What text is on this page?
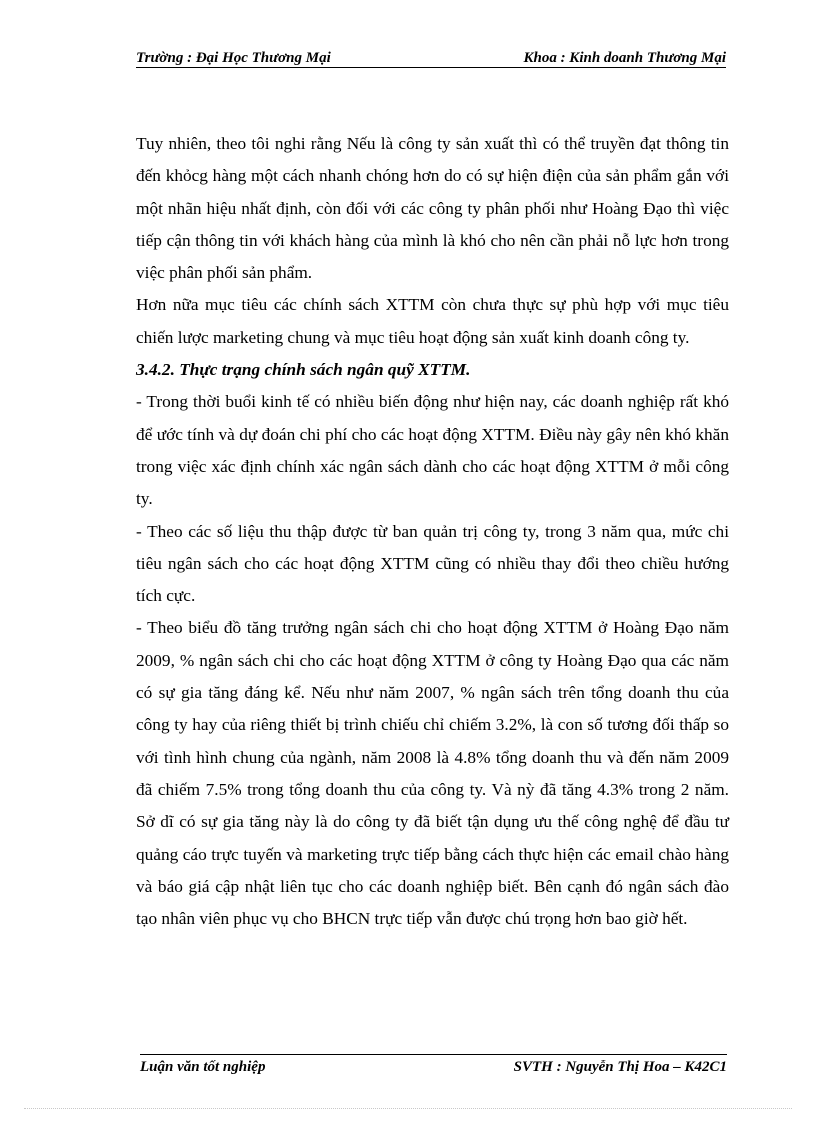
Trường : Đại Học Thương Mại	Khoa : Kinh doanh Thương Mại

Tuy nhiên, theo tôi nghi rằng Nếu là công ty sản xuất thì có thể truyền đạt thông tin đến khỏcg hàng một cách nhanh chóng hơn do có sự hiện điện của sản phẩm gắn với một nhãn hiệu nhất định, còn đối với các công ty phân phối như Hoàng Đạo thì việc tiếp cận thông tin với khách hàng của mình là khó cho nên cần phải nỗ lực hơn trong việc phân phối sản phẩm.

Hơn nữa mục tiêu các chính sách XTTM còn chưa thực sự phù hợp với mục tiêu chiến lược marketing chung và mục tiêu hoạt động sản xuất kinh doanh công ty.

3.4.2. Thực trạng chính sách ngân quỹ XTTM.

- Trong thời buổi kinh tế có nhiều biến động như hiện nay, các doanh nghiệp rất khó để ước tính và dự đoán chi phí cho các hoạt động XTTM. Điều này gây nên khó khăn trong việc xác định chính xác ngân sách dành cho các hoạt động XTTM ở mỗi công ty.

- Theo các số liệu thu thập được từ ban quản trị công ty, trong 3 năm qua, mức chi tiêu ngân sách cho các hoạt động XTTM cũng có nhiều thay đổi theo chiều hướng tích cực.

- Theo biểu đồ tăng trưởng ngân sách chi cho hoạt động XTTM ở Hoàng Đạo năm 2009, % ngân sách chi cho các hoạt động XTTM ở công ty Hoàng Đạo qua các năm có sự gia tăng đáng kể. Nếu như năm 2007, % ngân sách trên tổng doanh thu của công ty hay của riêng thiết bị trình chiếu chỉ chiếm 3.2%, là con số tương đối thấp so với tình hình chung của ngành, năm 2008 là 4.8% tổng doanh thu và đến năm 2009 đã chiếm 7.5% trong tổng doanh thu của công ty. Và nỳ đã tăng 4.3% trong 2 năm. Sở dĩ có sự gia tăng này là do công ty đã biết tận dụng ưu thế công nghệ để đầu tư quảng cáo trực tuyến và marketing trực tiếp bằng cách thực hiện các email chào hàng và báo giá cập nhật liên tục cho các doanh nghiệp biết. Bên cạnh đó ngân sách đào tạo nhân viên phục vụ cho BHCN trực tiếp vẫn được chú trọng hơn bao giờ hết.

Luận văn tốt nghiệp	SVTH : Nguyễn Thị Hoa – K42C1
